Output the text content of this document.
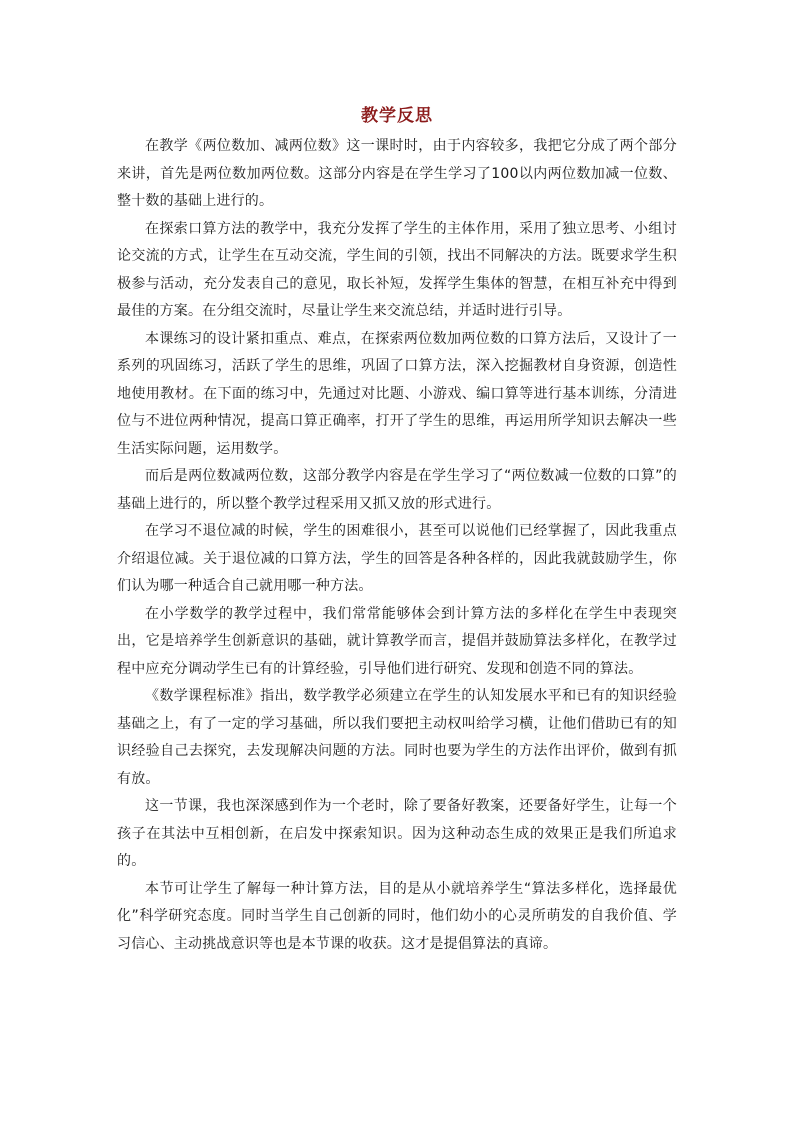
教学反思

在教学《两位数加、减两位数》这一课时时，由于内容较多，我把它分成了两个部分来讲，首先是两位数加两位数。这部分内容是在学生学习了100以内两位数加减一位数、整十数的基础上进行的。

在探索口算方法的教学中，我充分发挥了学生的主体作用，采用了独立思考、小组讨论交流的方式，让学生在互动交流，学生间的引领，找出不同解决的方法。既要求学生积极参与活动，充分发表自己的意见，取长补短，发挥学生集体的智慧，在相互补充中得到最佳的方案。在分组交流时，尽量让学生来交流总结，并适时进行引导。

本课练习的设计紧扣重点、难点，在探索两位数加两位数的口算方法后，又设计了一系列的巩固练习，活跃了学生的思维，巩固了口算方法，深入挖掘教材自身资源，创造性地使用教材。在下面的练习中，先通过对比题、小游戏、编口算等进行基本训练，分清进位与不进位两种情况，提高口算正确率，打开了学生的思维，再运用所学知识去解决一些生活实际问题，运用数学。

而后是两位数减两位数，这部分教学内容是在学生学习了“两位数减一位数的口算”的基础上进行的，所以整个教学过程采用又抓又放的形式进行。

在学习不退位减的时候，学生的困难很小，甚至可以说他们已经掌握了，因此我重点介绍退位减。关于退位减的口算方法，学生的回答是各种各样的，因此我就鼓励学生，你们认为哪一种适合自己就用哪一种方法。

在小学数学的教学过程中，我们常常能够体会到计算方法的多样化在学生中表现突出，它是培养学生创新意识的基础，就计算教学而言，提倡并鼓励算法多样化，在教学过程中应充分调动学生已有的计算经验，引导他们进行研究、发现和创造不同的算法。

《数学课程标准》指出，数学教学必须建立在学生的认知发展水平和已有的知识经验基础之上，有了一定的学习基础，所以我们要把主动权叫给学习横，让他们借助已有的知识经验自己去探究，去发现解决问题的方法。同时也要为学生的方法作出评价，做到有抓有放。

这一节课，我也深深感到作为一个老时，除了要备好教案，还要备好学生，让每一个孩子在其法中互相创新，在启发中探索知识。因为这种动态生成的效果正是我们所追求的。

本节可让学生了解每一种计算方法，目的是从小就培养学生“算法多样化，选择最优化”科学研究态度。同时当学生自己创新的同时，他们幼小的心灵所萌发的自我价值、学习信心、主动挑战意识等也是本节课的收获。这才是提倡算法的真谛。
